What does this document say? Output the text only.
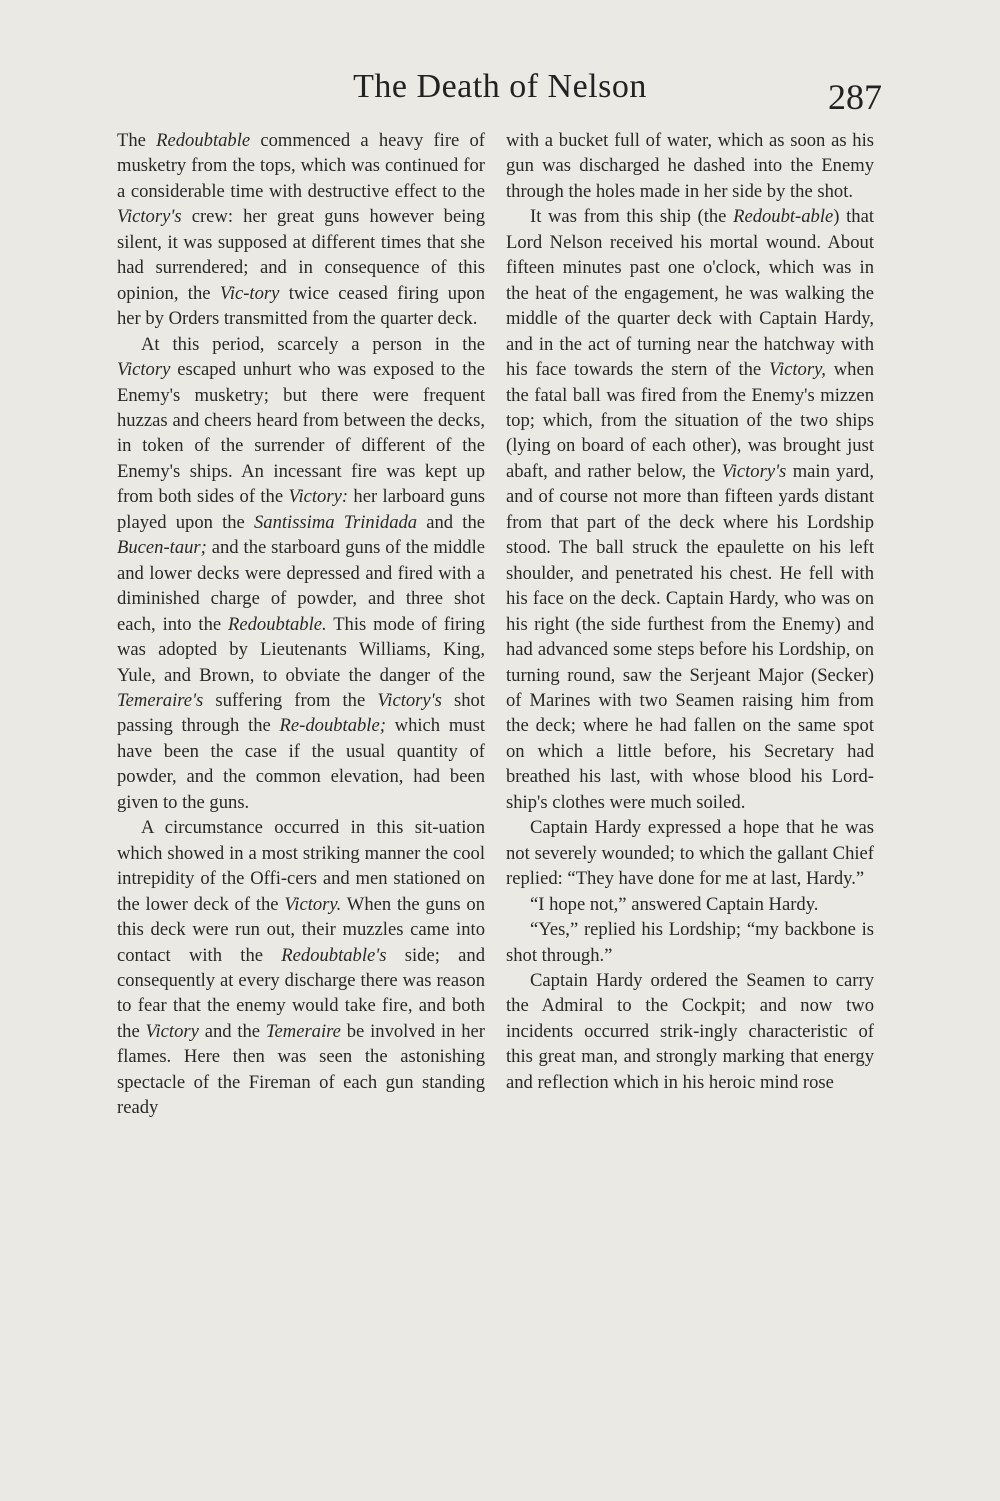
The Death of Nelson	287

The Redoubtable commenced a heavy fire of musketry from the tops, which was continued for a considerable time with destructive effect to the Victory's crew: her great guns however being silent, it was supposed at different times that she had surrendered; and in consequence of this opinion, the Vic-tory twice ceased firing upon her by Orders transmitted from the quarter deck.

At this period, scarcely a person in the Victory escaped unhurt who was exposed to the Enemy's musketry; but there were frequent huzzas and cheers heard from between the decks, in token of the surrender of different of the Enemy's ships. An incessant fire was kept up from both sides of the Victory: her larboard guns played upon the Santissima Trinidada and the Bucen-taur; and the starboard guns of the middle and lower decks were depressed and fired with a diminished charge of powder, and three shot each, into the Redoubtable. This mode of firing was adopted by Lieutenants Williams, King, Yule, and Brown, to obviate the danger of the Temeraire's suffering from the Victory's shot passing through the Re-doubtable; which must have been the case if the usual quantity of powder, and the common elevation, had been given to the guns.

A circumstance occurred in this sit-uation which showed in a most striking manner the cool intrepidity of the Offi-cers and men stationed on the lower deck of the Victory. When the guns on this deck were run out, their muzzles came into contact with the Redoubtable's side; and consequently at every discharge there was reason to fear that the enemy would take fire, and both the Victory and the Temeraire be involved in her flames. Here then was seen the astonishing spectacle of the Fireman of each gun standing ready

with a bucket full of water, which as soon as his gun was discharged he dashed into the Enemy through the holes made in her side by the shot.

It was from this ship (the Redoubt-able) that Lord Nelson received his mortal wound. About fifteen minutes past one o'clock, which was in the heat of the engagement, he was walking the middle of the quarter deck with Captain Hardy, and in the act of turning near the hatchway with his face towards the stern of the Victory, when the fatal ball was fired from the Enemy's mizzen top; which, from the situation of the two ships (lying on board of each other), was brought just abaft, and rather below, the Victory's main yard, and of course not more than fifteen yards distant from that part of the deck where his Lordship stood. The ball struck the epaulette on his left shoulder, and penetrated his chest. He fell with his face on the deck. Captain Hardy, who was on his right (the side furthest from the Enemy) and had advanced some steps before his Lordship, on turning round, saw the Serjeant Major (Secker) of Marines with two Seamen raising him from the deck; where he had fallen on the same spot on which a little before, his Secretary had breathed his last, with whose blood his Lord-ship's clothes were much soiled.

Captain Hardy expressed a hope that he was not severely wounded; to which the gallant Chief replied: “They have done for me at last, Hardy.”

“I hope not,” answered Captain Hardy.

“Yes,” replied his Lordship; “my backbone is shot through.”

Captain Hardy ordered the Seamen to carry the Admiral to the Cockpit; and now two incidents occurred strik-ingly characteristic of this great man, and strongly marking that energy and reflection which in his heroic mind rose
